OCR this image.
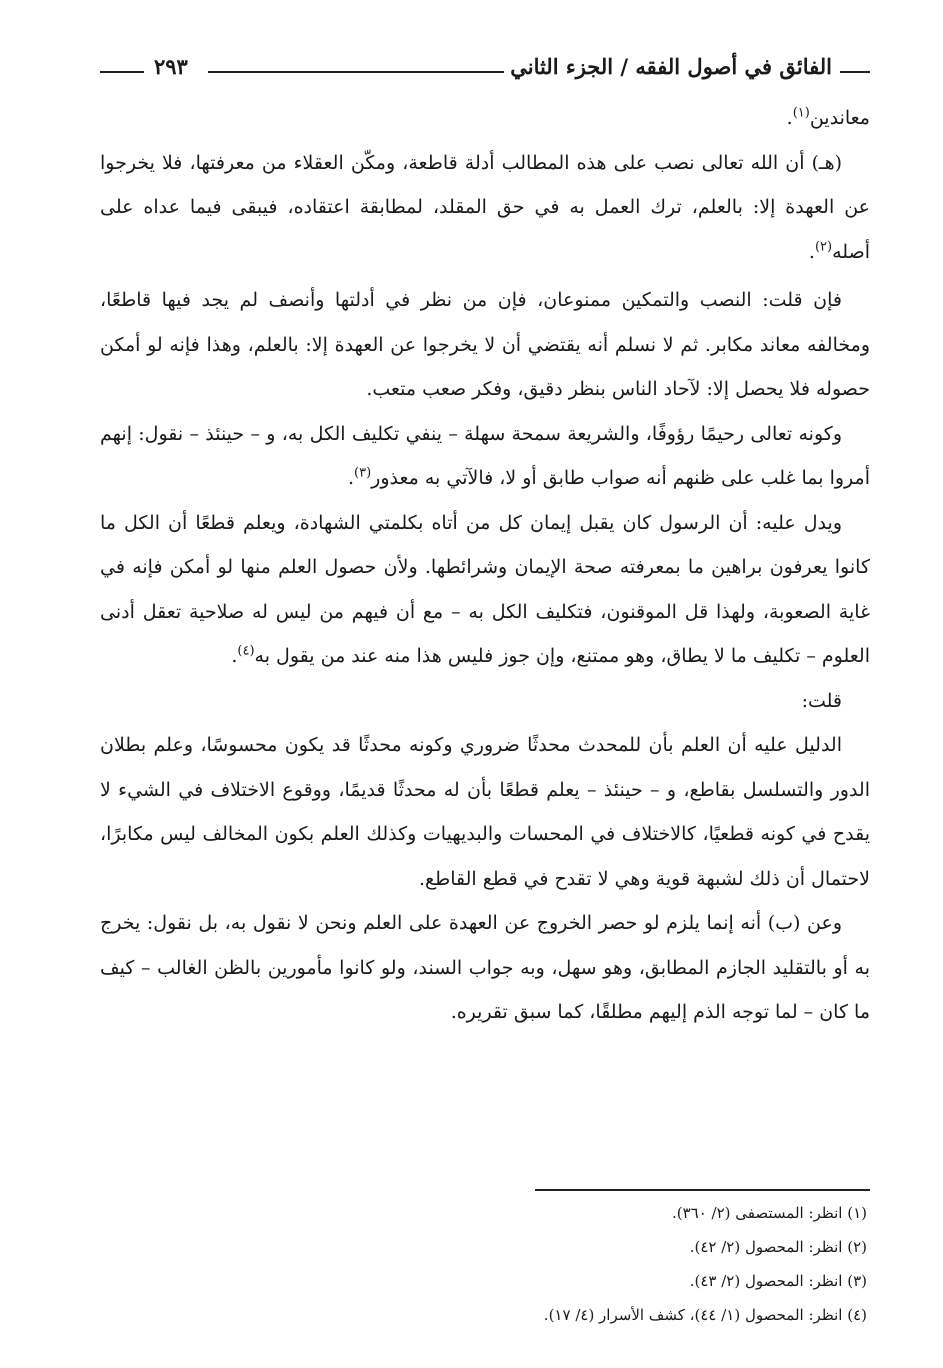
الفائق في أصول الفقه / الجزء الثاني
٢٩٣

معاندين$^{(١)}$.

(هـ) أن الله تعالى نصب على هذه المطالب أدلة قاطعة، ومكّن العقلاء من معرفتها، فلا يخرجوا عن العهدة إلا: بالعلم، ترك العمل به في حق المقلد، لمطابقة اعتقاده، فيبقى فيما عداه على أصله$^{(٢)}$.

فإن قلت: النصب والتمكين ممنوعان، فإن من نظر في أدلتها وأنصف لم يجد فيها قاطعًا، ومخالفه معاند مكابر. ثم لا نسلم أنه يقتضي أن لا يخرجوا عن العهدة إلا: بالعلم، وهذا فإنه لو أمكن حصوله فلا يحصل إلا: لآحاد الناس بنظر دقيق، وفكر صعب متعب.

وكونه تعالى رحيمًا رؤوفًا، والشريعة سمحة سهلة – ينفي تكليف الكل به، و – حينئذ – نقول: إنهم أمروا بما غلب على ظنهم أنه صواب طابق أو لا، فالآتي به معذور$^{(٣)}$.

ويدل عليه: أن الرسول كان يقبل إيمان كل من أتاه بكلمتي الشهادة، ويعلم قطعًا أن الكل ما كانوا يعرفون براهين ما بمعرفته صحة الإيمان وشرائطها. ولأن حصول العلم منها لو أمكن فإنه في غاية الصعوبة، ولهذا قل الموقنون، فتكليف الكل به – مع أن فيهم من ليس له صلاحية تعقل أدنى العلوم – تكليف ما لا يطاق، وهو ممتنع، وإن جوز فليس هذا منه عند من يقول به$^{(٤)}$.

قلت:

الدليل عليه أن العلم بأن للمحدث محدثًا ضروري وكونه محدثًا قد يكون محسوسًا، وعلم بطلان الدور والتسلسل بقاطع، و – حينئذ – يعلم قطعًا بأن له محدثًا قديمًا، ووقوع الاختلاف في الشيء لا يقدح في كونه قطعيًا، كالاختلاف في المحسات والبديهيات وكذلك العلم بكون المخالف ليس مكابرًا، لاحتمال أن ذلك لشبهة قوية وهي لا تقدح في قطع القاطع.

وعن (ب) أنه إنما يلزم لو حصر الخروج عن العهدة على العلم ونحن لا نقول به، بل نقول: يخرج به أو بالتقليد الجازم المطابق، وهو سهل، وبه جواب السند، ولو كانوا مأمورين بالظن الغالب – كيف ما كان – لما توجه الذم إليهم مطلقًا، كما سبق تقريره.

(١) انظر: المستصفى (٢/ ٣٦٠).
(٢) انظر: المحصول (٢/ ٤٢).
(٣) انظر: المحصول (٢/ ٤٣).
(٤) انظر: المحصول (١/ ٤٤)، كشف الأسرار (٤/ ١٧).
